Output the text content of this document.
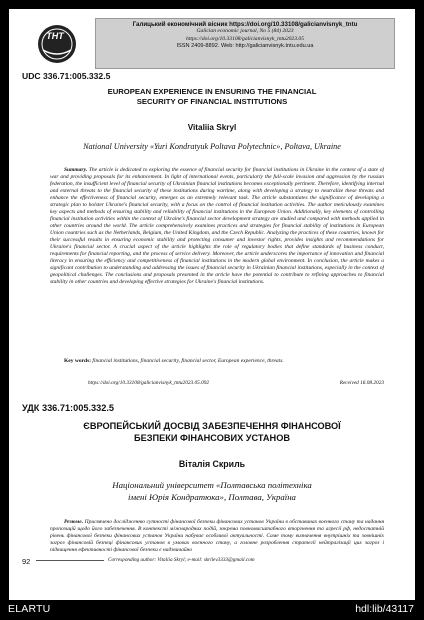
ТНТ
Галицький економічний вісник https://doi.org/10.33108/galicianvisnyk_tntu
Galician economic journal, No 5 (84) 2023
https://doi.org/10.33108/galicianvisnyk_tntu2023.05
ISSN 2409-8892. Web: http://galicianvisnyk.tntu.edu.ua
UDC 336.71:005.332.5
EUROPEAN EXPERIENCE IN ENSURING THE FINANCIAL
SECURITY OF FINANCIAL INSTITUTIONS
Vitaliia Skryl
National University «Yuri Kondratyuk Poltava Polytechnic», Poltava, Ukraine
Summary. The article is dedicated to exploring the essence of financial security for financial institutions in Ukraine in the context of a state of war and providing proposals for its enhancement. In light of international events, particularly the full-scale invasion and aggression by the russian federation, the insufficient level of financial security of Ukrainian financial institutions becomes exceptionally pertinent. Therefore, identifying internal and external threats to the financial security of these institutions during wartime, along with developing a strategy to neutralize these threats and enhance the effectiveness of financial security, emerges as an extremely relevant task. The article substantiates the significance of developing a strategic plan to bolster Ukraine's financial security, with a focus on the control of financial institution activities. The author meticulously examines key aspects and methods of ensuring stability and reliability of financial institutions in the European Union. Additionally, key elements of controlling financial institution activities within the context of Ukraine's financial sector development strategy are studied and compared with methods applied in other countries around the world. The article comprehensively examines practices and strategies for financial stability of institutions in European Union countries such as the Netherlands, Belgium, the United Kingdom, and the Czech Republic. Analyzing the practices of these countries, known for their successful results in ensuring economic stability and protecting consumer and investor rights, provides insights and recommendations for Ukraine's financial sector. A crucial aspect of the article highlights the role of regulatory bodies that define standards of business conduct, requirements for financial reporting, and the process of service delivery. Moreover, the article underscores the importance of innovation and financial literacy in ensuring the efficiency and competitiveness of financial institutions in the modern global environment. In conclusion, the article makes a significant contribution to understanding and addressing the issues of financial security in Ukrainian financial institutions, especially in the context of geopolitical challenges. The conclusions and proposals presented in the article have the potential to contribute to refining approaches to financial stability in other countries and developing effective strategies for Ukraine's financial institutions.
Key words: financial institutions, financial security, financial sector, European experience, threats.
https://doi.org/10.33108/galicianvisnyk_tntu2023.05.092	Received 16.08.2023
УДК 336.71:005.332.5
ЄВРОПЕЙСЬКИЙ ДОСВІД ЗАБЕЗПЕЧЕННЯ ФІНАНСОВОЇ
БЕЗПЕКИ ФІНАНСОВИХ УСТАНОВ
Віталія Скриль
Національний університет «Полтавська політехніка
імені Юрія Кондратюка», Полтава, Україна
Резюме. Присвячено дослідженню сутності фінансової безпеки фінансових установ України в обставинах воєнного стану та надання пропозицій щодо його забезпечення. В контексті міжнародних подій, зокрема повномасштабного вторгнення та агресії рф, недостатній рівень фінансової безпеки фінансових установ України набуває особливої актуальності. Саме тому визначення внутрішніх та зовнішніх загроз фінансовій безпеці фінансових установ в умовах воєнного стану, а головне розроблення стратегії нейтралізації цих загроз і підвищення ефективності фінансової безпеки є надзвичайно
92	Corresponding author: Vitaliia Skryl; e-mail: skrilev3333@gmail.com
ELARTU	hdl:lib/43117
